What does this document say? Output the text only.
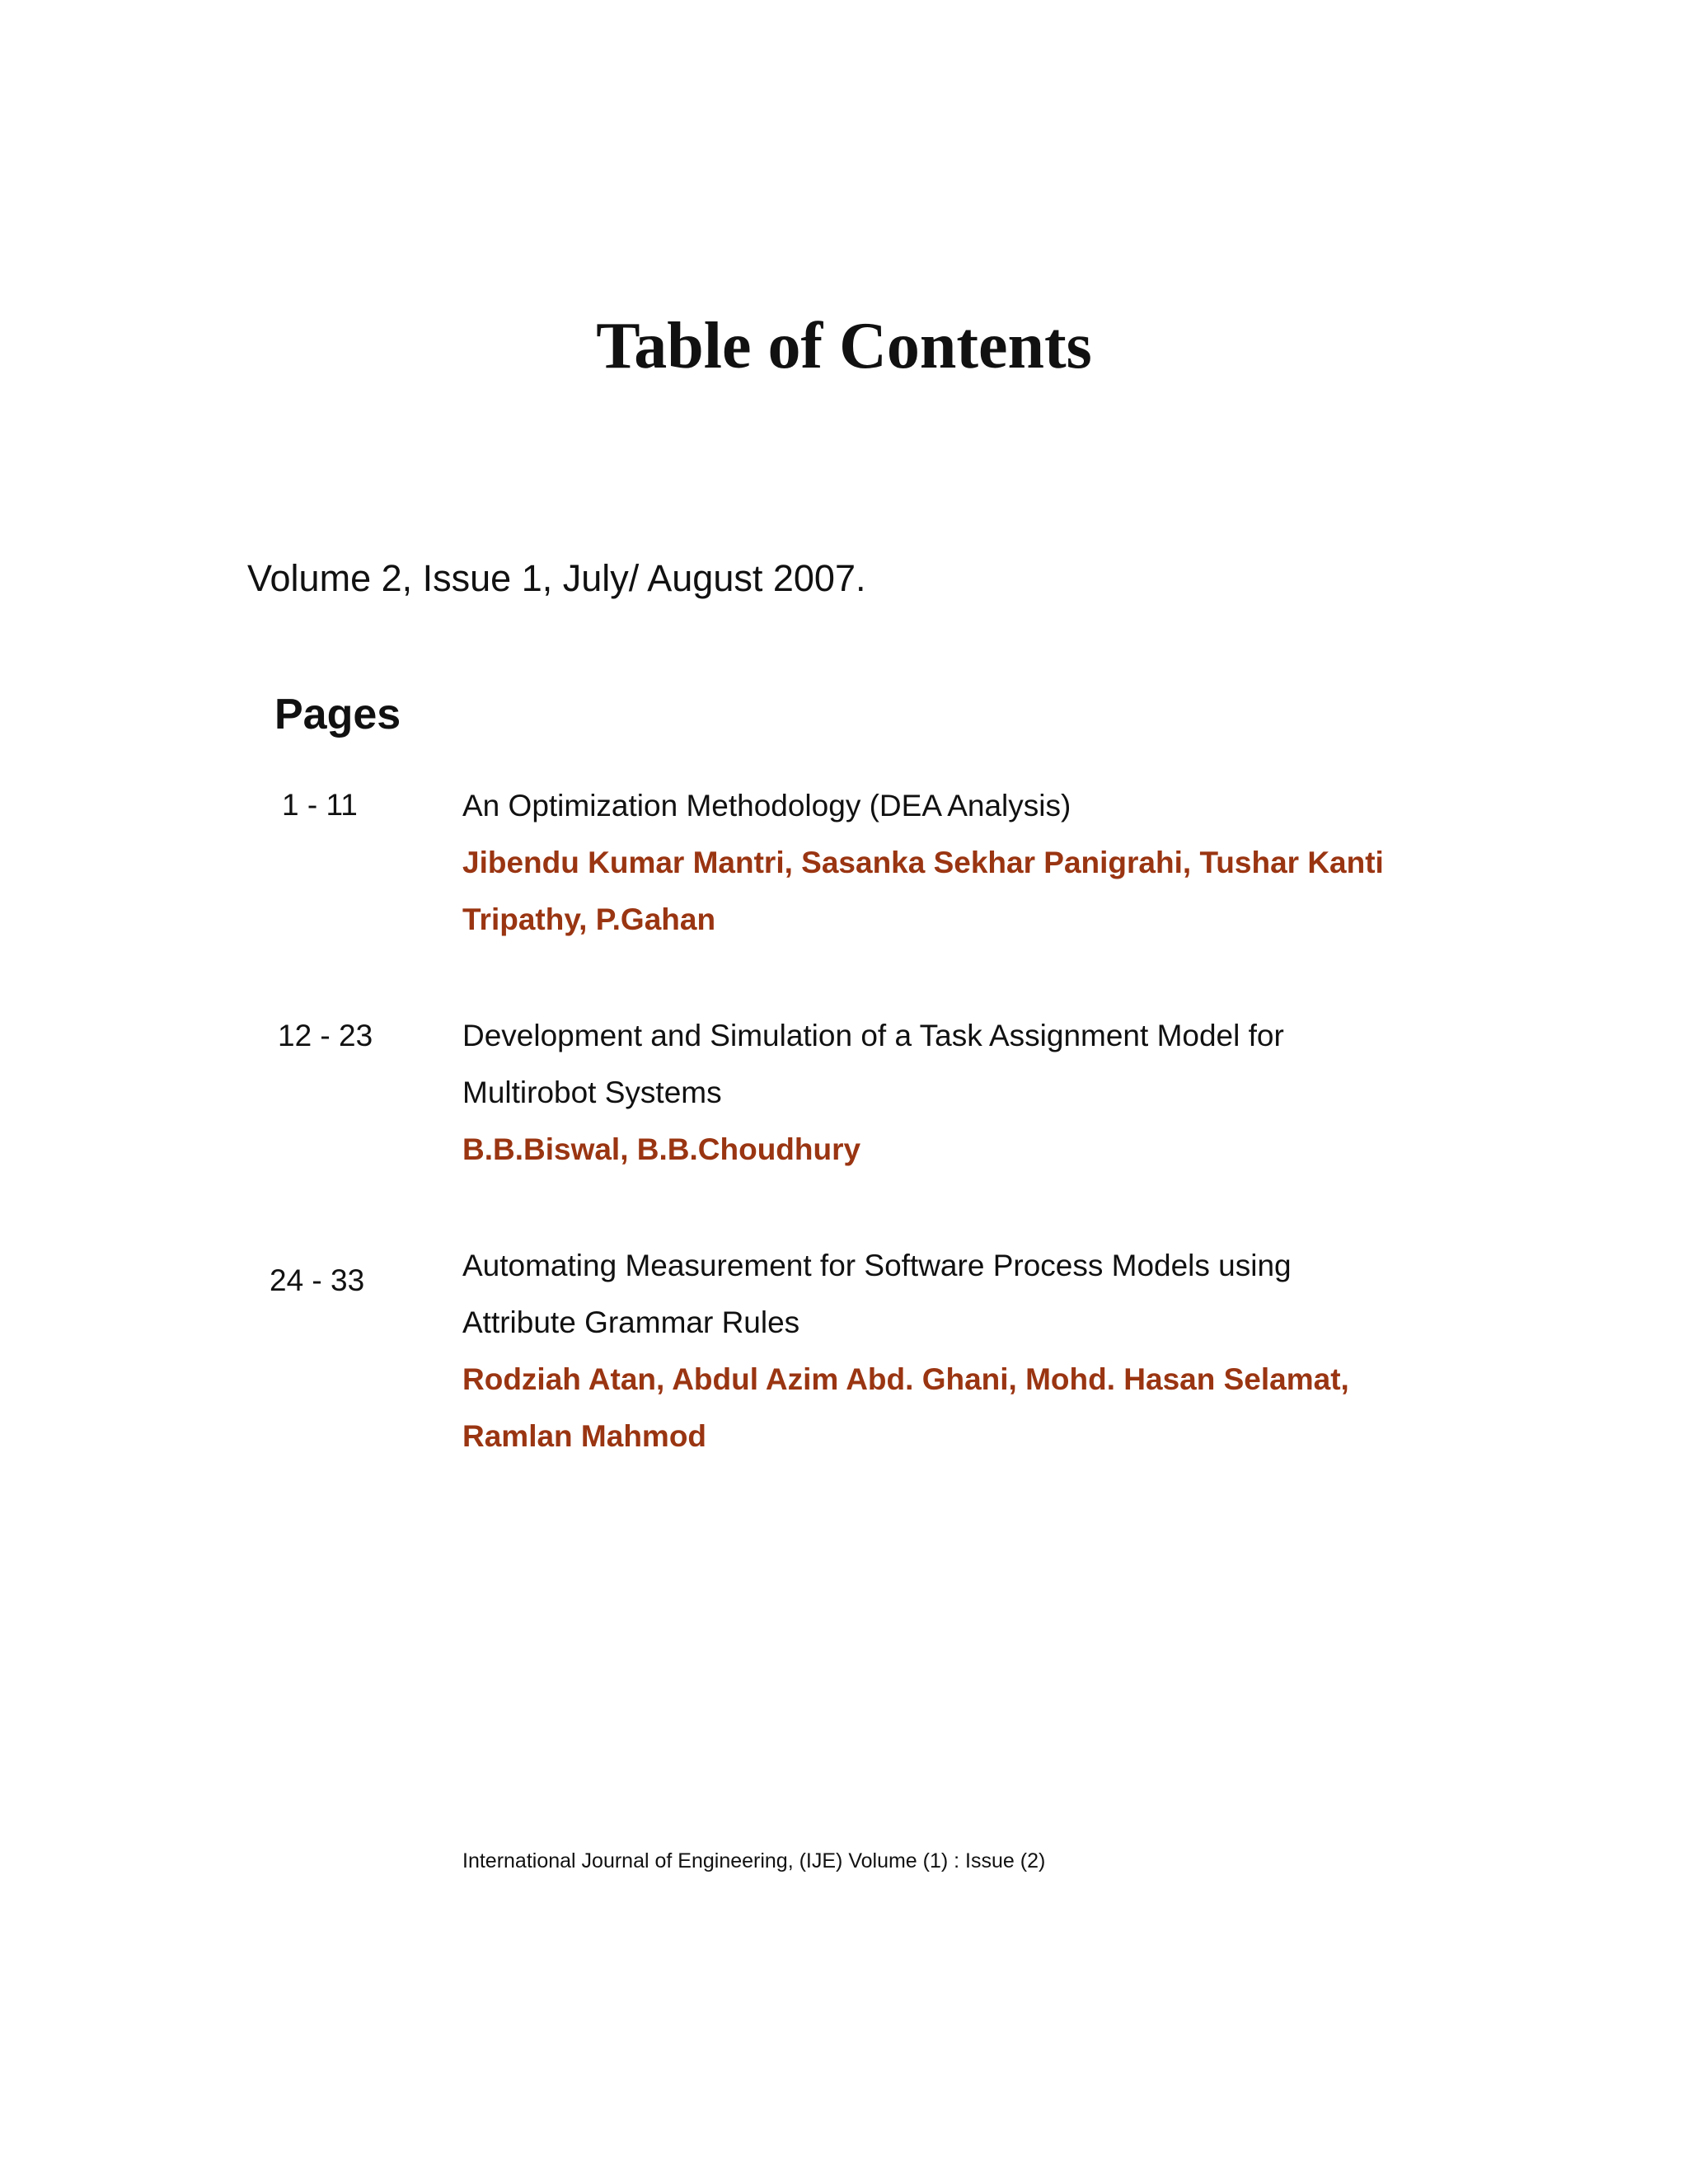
Table of Contents

Volume 2, Issue 1, July/ August 2007.

Pages

1 - 11	An Optimization Methodology (DEA Analysis)
Jibendu Kumar Mantri, Sasanka Sekhar Panigrahi, Tushar Kanti Tripathy, P.Gahan

12 - 23	Development and Simulation of a Task Assignment Model for Multirobot Systems
B.B.Biswal, B.B.Choudhury

24 - 33	Automating Measurement for Software Process Models using Attribute Grammar Rules
Rodziah Atan, Abdul Azim Abd. Ghani, Mohd. Hasan Selamat, Ramlan Mahmod

International Journal of Engineering, (IJE) Volume (1) : Issue (2)
